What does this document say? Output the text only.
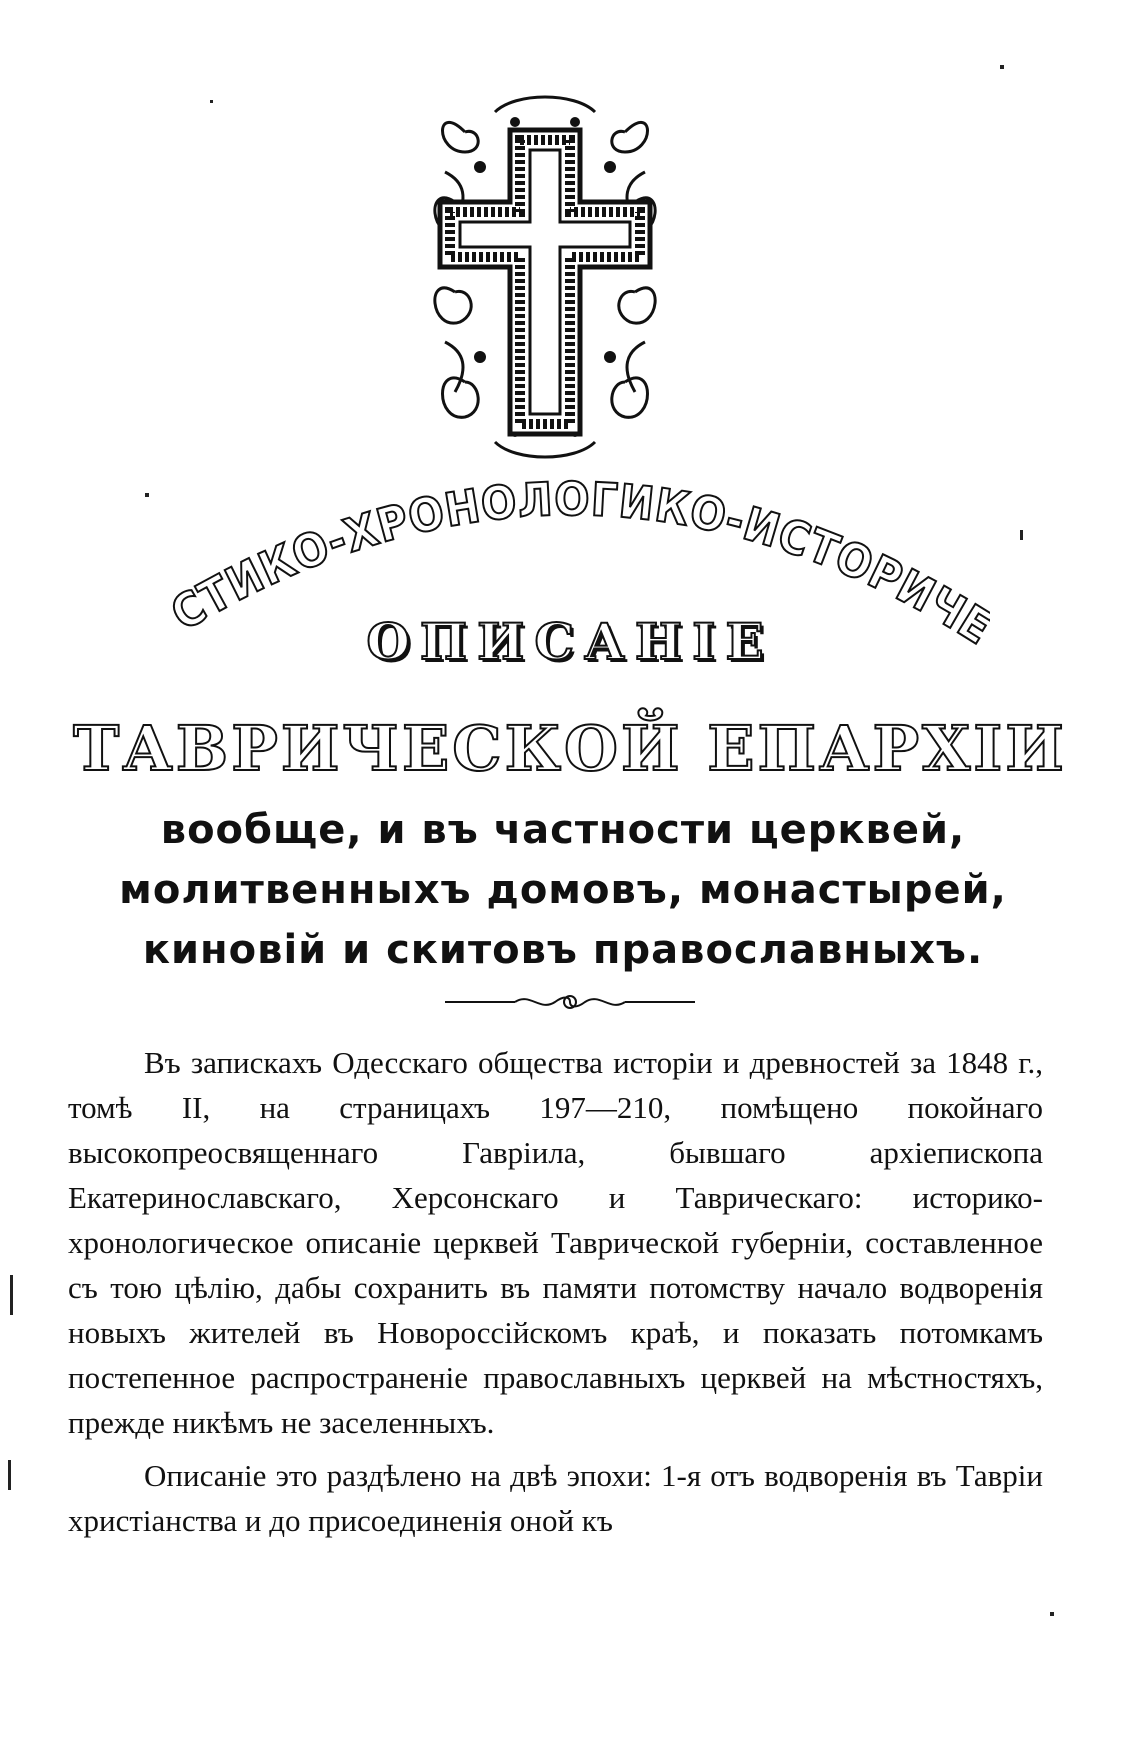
СТИКО-ХРОНОЛОГИКО-ИСТОРИЧ
ОПИСАНІЕ
ТАВРИЧЕСКОЙ ЕПАРХІИ
вообще, и въ частности церквей, молитвенныхъ домовъ, монастырей, киновій и скитовъ православныхъ.

Въ запискахъ Одесскаго общества исторіи и древностей за 1848 г., томѣ II, на страницахъ 197—210, помѣщено покойнаго высокопреосвященнаго Гавріила, бывшаго архіепископа Екатеринославскаго, Херсонскаго и Таврическаго: историко-хронологическое описаніе церквей Таврической губерніи, составленное съ тою цѣлію, дабы сохранить въ памяти потомству начало водворенія новыхъ жителей въ Новороссійскомъ краѣ, и показать потомкамъ постепенное распространеніе православныхъ церквей на мѣстностяхъ, прежде никѣмъ не заселенныхъ.

Описаніе это раздѣлено на двѣ эпохи: 1-я отъ водворенія въ Тавріи христіанства и до присоединенія оной къ
